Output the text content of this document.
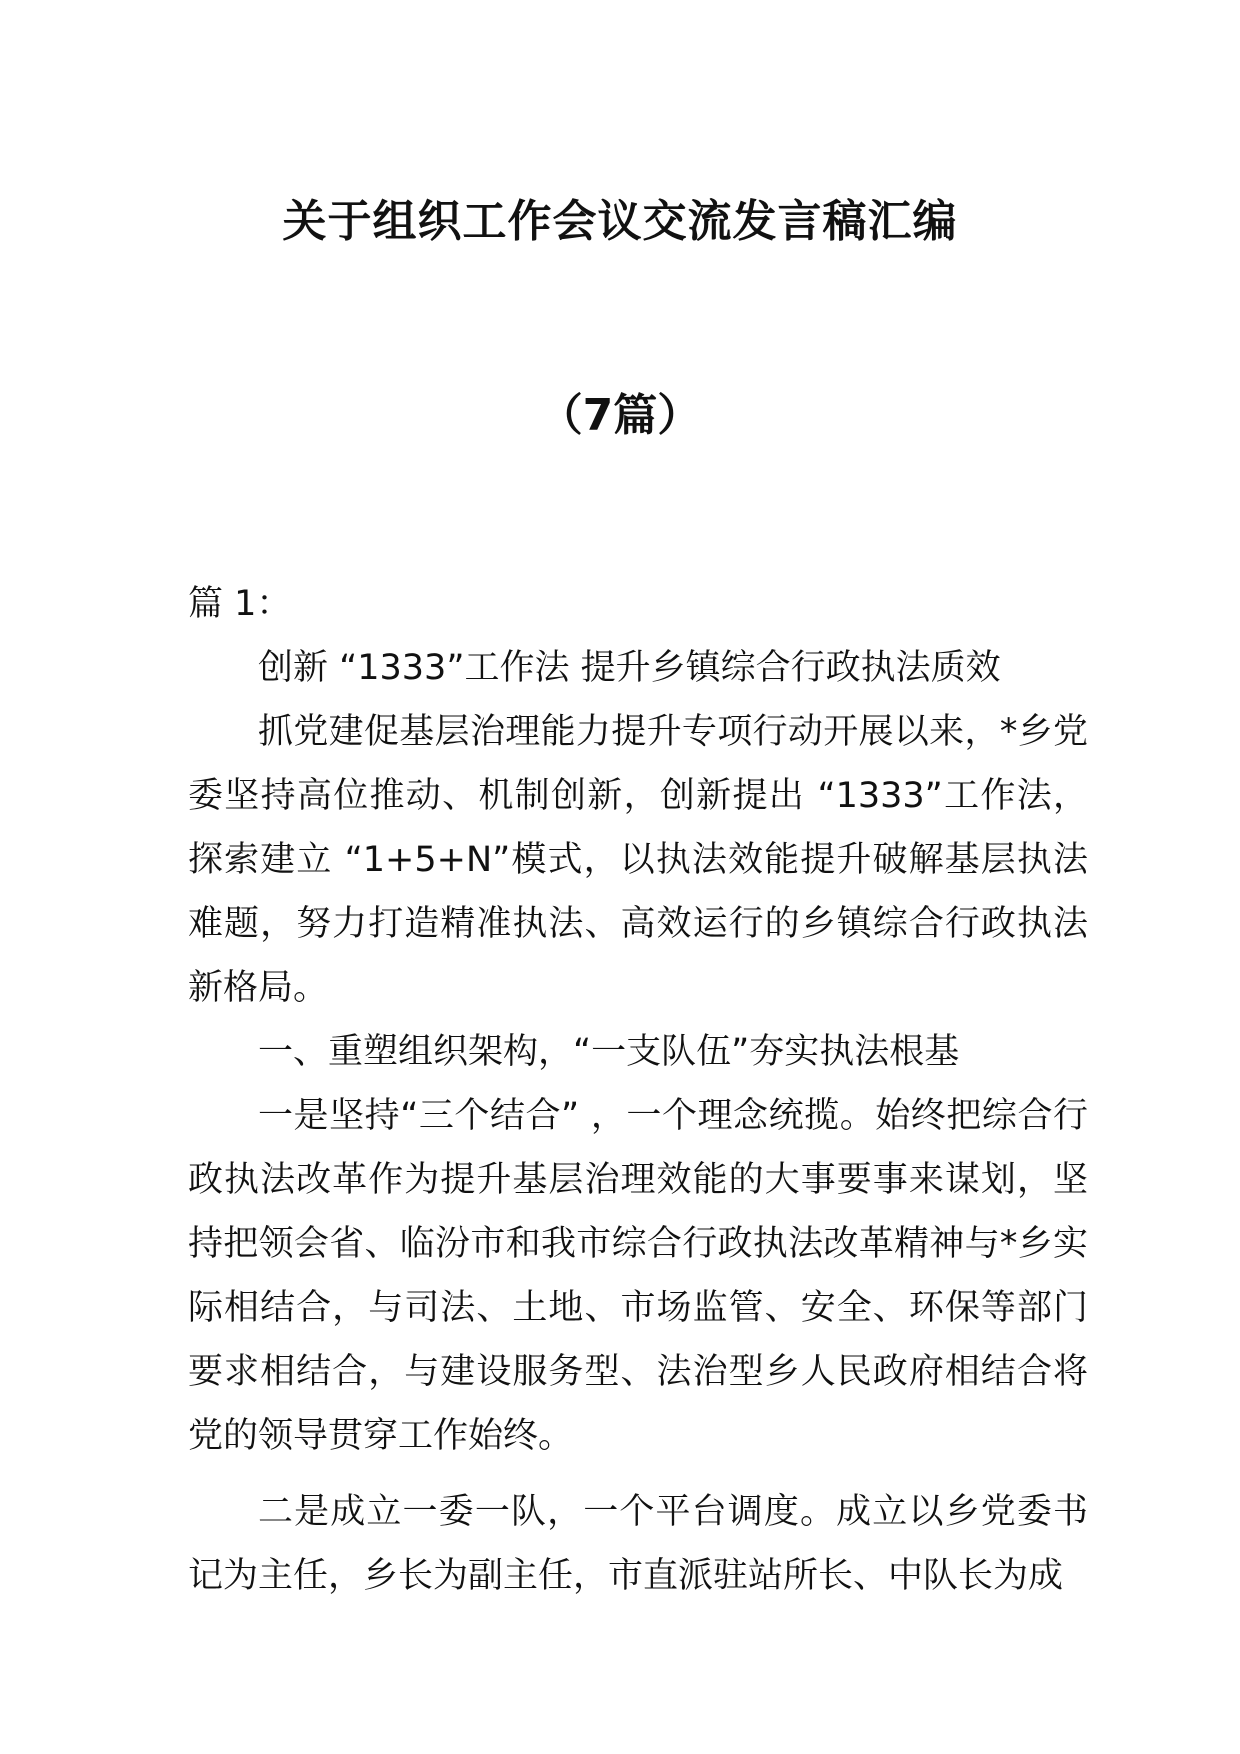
关于组织工作会议交流发言稿汇编
（7篇）

篇 1：

创新 “1333”工作法 提升乡镇综合行政执法质效

抓党建促基层治理能力提升专项行动开展以来，*乡党委坚持高位推动、机制创新，创新提出 “1333”工作法，探索建立 “1+5+N”模式，以执法效能提升破解基层执法难题，努力打造精准执法、高效运行的乡镇综合行政执法新格局。

一、重塑组织架构，“一支队伍”夯实执法根基

一是坚持“三个结合” ，一个理念统揽。始终把综合行政执法改革作为提升基层治理效能的大事要事来谋划，坚持把领会省、临汾市和我市综合行政执法改革精神与*乡实际相结合，与司法、土地、市场监管、安全、环保等部门要求相结合，与建设服务型、法治型乡人民政府相结合将党的领导贯穿工作始终。

二是成立一委一队，一个平台调度。成立以乡党委书记为主任，乡长为副主任，市直派驻站所长、中队长为成
